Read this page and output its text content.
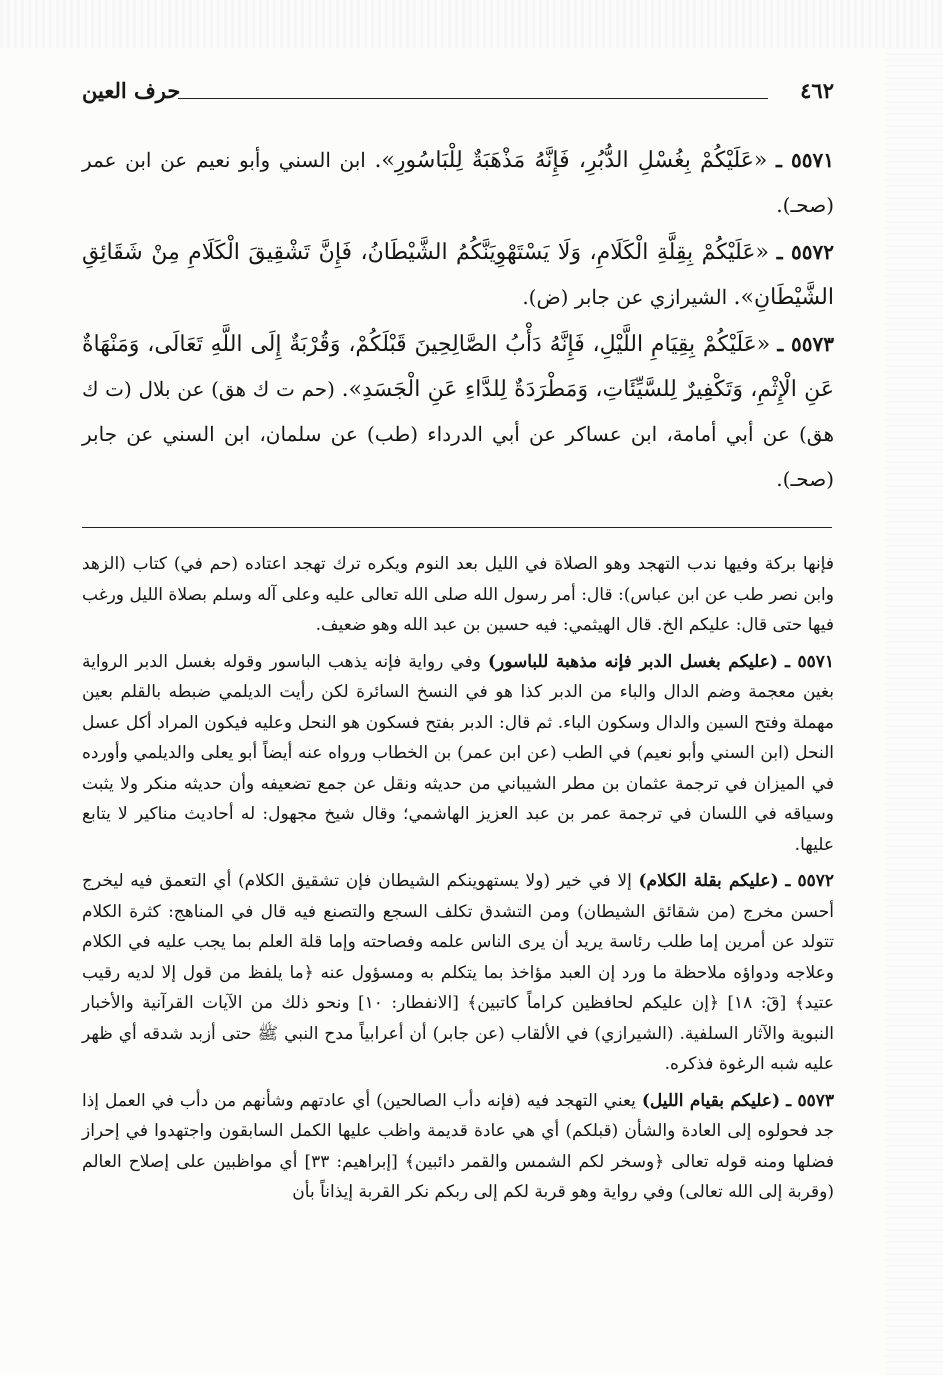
٤٦٢
حرف العين

٥٥٧١ ـ «عَلَيْكُمْ بِغُسْلِ الدُّبُرِ، فَإِنَّهُ مَذْهَبَةٌ لِلْبَاسُورِ». ابن السني وأبو نعيم عن ابن عمر (صحـ).

٥٥٧٢ ـ «عَلَيْكُمْ بِقِلَّةِ الْكَلَامِ، وَلَا يَسْتَهْوِيَنَّكُمُ الشَّيْطَانُ، فَإِنَّ تَشْقِيقَ الْكَلَامِ مِنْ شَقَائِقِ الشَّيْطَانِ». الشيرازي عن جابر (ض).

٥٥٧٣ ـ «عَلَيْكُمْ بِقِيَامِ اللَّيْلِ، فَإِنَّهُ دَأْبُ الصَّالِحِينَ قَبْلَكُمْ، وَقُرْبَةٌ إِلَى اللَّهِ تَعَالَى، وَمَنْهَاةٌ عَنِ الْإِثْمِ، وَتَكْفِيرٌ لِلسَّيِّئَاتِ، وَمَطْرَدَةٌ لِلدَّاءِ عَنِ الْجَسَدِ». (حم ت ك هق) عن بلال (ت ك هق) عن أبي أمامة، ابن عساكر عن أبي الدرداء (طب) عن سلمان، ابن السني عن جابر (صحـ).

فإنها بركة وفيها ندب التهجد وهو الصلاة في الليل بعد النوم ويكره ترك تهجد اعتاده (حم في) كتاب (الزهد وابن نصر طب عن ابن عباس): قال: أمر رسول الله صلى الله تعالى عليه وعلى آله وسلم بصلاة الليل ورغب فيها حتى قال: عليكم الخ. قال الهيثمي: فيه حسين بن عبد الله وهو ضعيف.

٥٥٧١ ـ (عليكم بغسل الدبر فإنه مذهبة للباسور) وفي رواية فإنه يذهب الباسور وقوله بغسل الدبر الرواية بغين معجمة وضم الدال والباء من الدبر كذا هو في النسخ السائرة لكن رأيت الديلمي ضبطه بالقلم بعين مهملة وفتح السين والدال وسكون الباء. ثم قال: الدبر بفتح فسكون هو النحل وعليه فيكون المراد أكل عسل النحل (ابن السني وأبو نعيم) في الطب (عن ابن عمر) بن الخطاب ورواه عنه أيضاً أبو يعلى والديلمي وأورده في الميزان في ترجمة عثمان بن مطر الشيباني من حديثه ونقل عن جمع تضعيفه وأن حديثه منكر ولا يثبت وسياقه في اللسان في ترجمة عمر بن عبد العزيز الهاشمي؛ وقال شيخ مجهول: له أحاديث مناكير لا يتابع عليها.

٥٥٧٢ ـ (عليكم بقلة الكلام) إلا في خير (ولا يستهوينكم الشيطان فإن تشقيق الكلام) أي التعمق فيه ليخرج أحسن مخرج (من شقائق الشيطان) ومن التشدق تكلف السجع والتصنع فيه قال في المناهج: كثرة الكلام تتولد عن أمرين إما طلب رئاسة يريد أن يرى الناس علمه وفصاحته وإما قلة العلم بما يجب عليه في الكلام وعلاجه ودواؤه ملاحظة ما ورد إن العبد مؤاخذ بما يتكلم به ومسؤول عنه ﴿ما يلفظ من قول إلا لديه رقيب عتيد﴾ [قٓ: ١٨] ﴿إن عليكم لحافظين كراماً كاتبين﴾ [الانفطار: ١٠] ونحو ذلك من الآيات القرآنية والأخبار النبوية والآثار السلفية. (الشيرازي) في الألقاب (عن جابر) أن أعرابياً مدح النبي ﷺ حتى أزبد شدقه أي ظهر عليه شبه الرغوة فذكره.

٥٥٧٣ ـ (عليكم بقيام الليل) يعني التهجد فيه (فإنه دأب الصالحين) أي عادتهم وشأنهم من دأب في العمل إذا جد فحولوه إلى العادة والشأن (قبلكم) أي هي عادة قديمة واظب عليها الكمل السابقون واجتهدوا في إحراز فضلها ومنه قوله تعالى ﴿وسخر لكم الشمس والقمر دائبين﴾ [إبراهيم: ٣٣] أي مواظبين على إصلاح العالم (وقربة إلى الله تعالى) وفي رواية وهو قربة لكم إلى ربكم نكر القربة إيذاناً بأن
